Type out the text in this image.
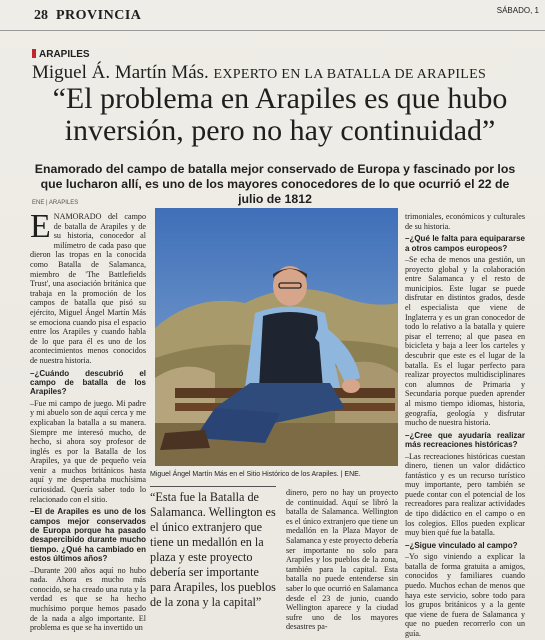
28 PROVINCIA	SÁBADO, 1
ARAPILES
Miguel Á. Martín Más. EXPERTO EN LA BATALLA DE ARAPILES
“El problema en Arapiles es que hubo inversión, pero no hay continuidad”
Enamorado del campo de batalla mejor conservado de Europa y fascinado por los que lucharon allí, es uno de los mayores conocedores de lo que ocurrió el 22 de julio de 1812
ENE | ARAPILES

ENAMORADO del campo de batalla de Arapiles y de su historia, conocedor al milímetro de cada paso que dieron las tropas en la conocida como Batalla de Salamanca, miembro de 'The Battlefields Trust', una asociación británica que trabaja en la promoción de los campos de batalla que pisó su ejército, Miguel Ángel Martín Más se emociona cuando pisa el espacio entre los Arapiles y cuando habla de lo que para él es uno de los acontecimientos menos conocidos de nuestra historia.

–¿Cuándo descubrió el campo de batalla de los Arapiles?

–Fue mi campo de juego. Mi padre y mi abuelo son de aquí cerca y me explicaban la batalla a su manera. Siempre me interesó mucho, de hecho, si ahora soy profesor de inglés es por la Batalla de los Arapiles, ya que de pequeño veía venir a muchos británicos hasta aquí y me despertaba muchísima curiosidad. Quería saber todo lo relacionado con el sitio.

–El de Arapiles es uno de los campos mejor conservados de Europa porque ha pasado desapercibido durante mucho tiempo. ¿Qué ha cambiado en estos últimos años?

–Durante 200 años aquí no hubo nada. Ahora es mucho más conocido, se ha creado una ruta y la verdad es que se ha hecho muchísimo porque hemos pasado de la nada a algo importante. El problema es que se ha invertido un

Miguel Ángel Martín Más en el Sitio Histórico de los Arapiles. | ENE.
“Esta fue la Batalla de Salamanca. Wellington es el único extranjero que tiene un medallón en la plaza y este proyecto debería ser importante para Arapiles, los pueblos de la zona y la capital”

dinero, pero no hay un proyecto de continuidad. Aquí se libró la batalla de Salamanca. Wellington es el único extranjero que tiene un medallón en la Plaza Mayor de Salamanca y este proyecto debería ser importante no solo para Arapiles y los pueblos de la zona, también para la capital. Esta batalla no puede entenderse sin saber lo que ocurrió en Salamanca desde el 23 de junio, cuando Wellington aparece y la ciudad sufre uno de los mayores desastres pa-

trimoniales, económicos y culturales de su historia.

–¿Qué le falta para equipararse a otros campos europeos?

–Se echa de menos una gestión, un proyecto global y la colaboración entre Salamanca y el resto de municipios. Este lugar se puede disfrutar en distintos grados, desde el especialista que viene de Inglaterra y es un gran conocedor de todo lo relativo a la batalla y quiere pisar el terreno; al que pasea en bicicleta y baja a leer los carteles y descubrir que este es el lugar de la batalla. Es el lugar perfecto para realizar proyectos multidisciplinares con alumnos de Primaria y Secundaria porque pueden aprender al mismo tiempo idiomas, historia, geografía, geología y disfrutar mucho de nuestra historia.

–¿Cree que ayudaría realizar más recreaciones históricas?

–Las recreaciones históricas cuestan dinero, tienen un valor didáctico fantástico y es un recurso turístico muy importante, pero también se puede contar con el potencial de los recreadores para realizar actividades de tipo didáctico en el campo o en los colegios. Ellos pueden explicar muy bien qué fue la batalla.

–¿Sigue vinculado al campo?

–Yo sigo viniendo a explicar la batalla de forma gratuita a amigos, conocidos y familiares cuando puedo. Muchos echan de menos que haya este servicio, sobre todo para los grupos británicos y a la gente que viene de fuera de Salamanca y que no pueden recorrerlo con un guía.
